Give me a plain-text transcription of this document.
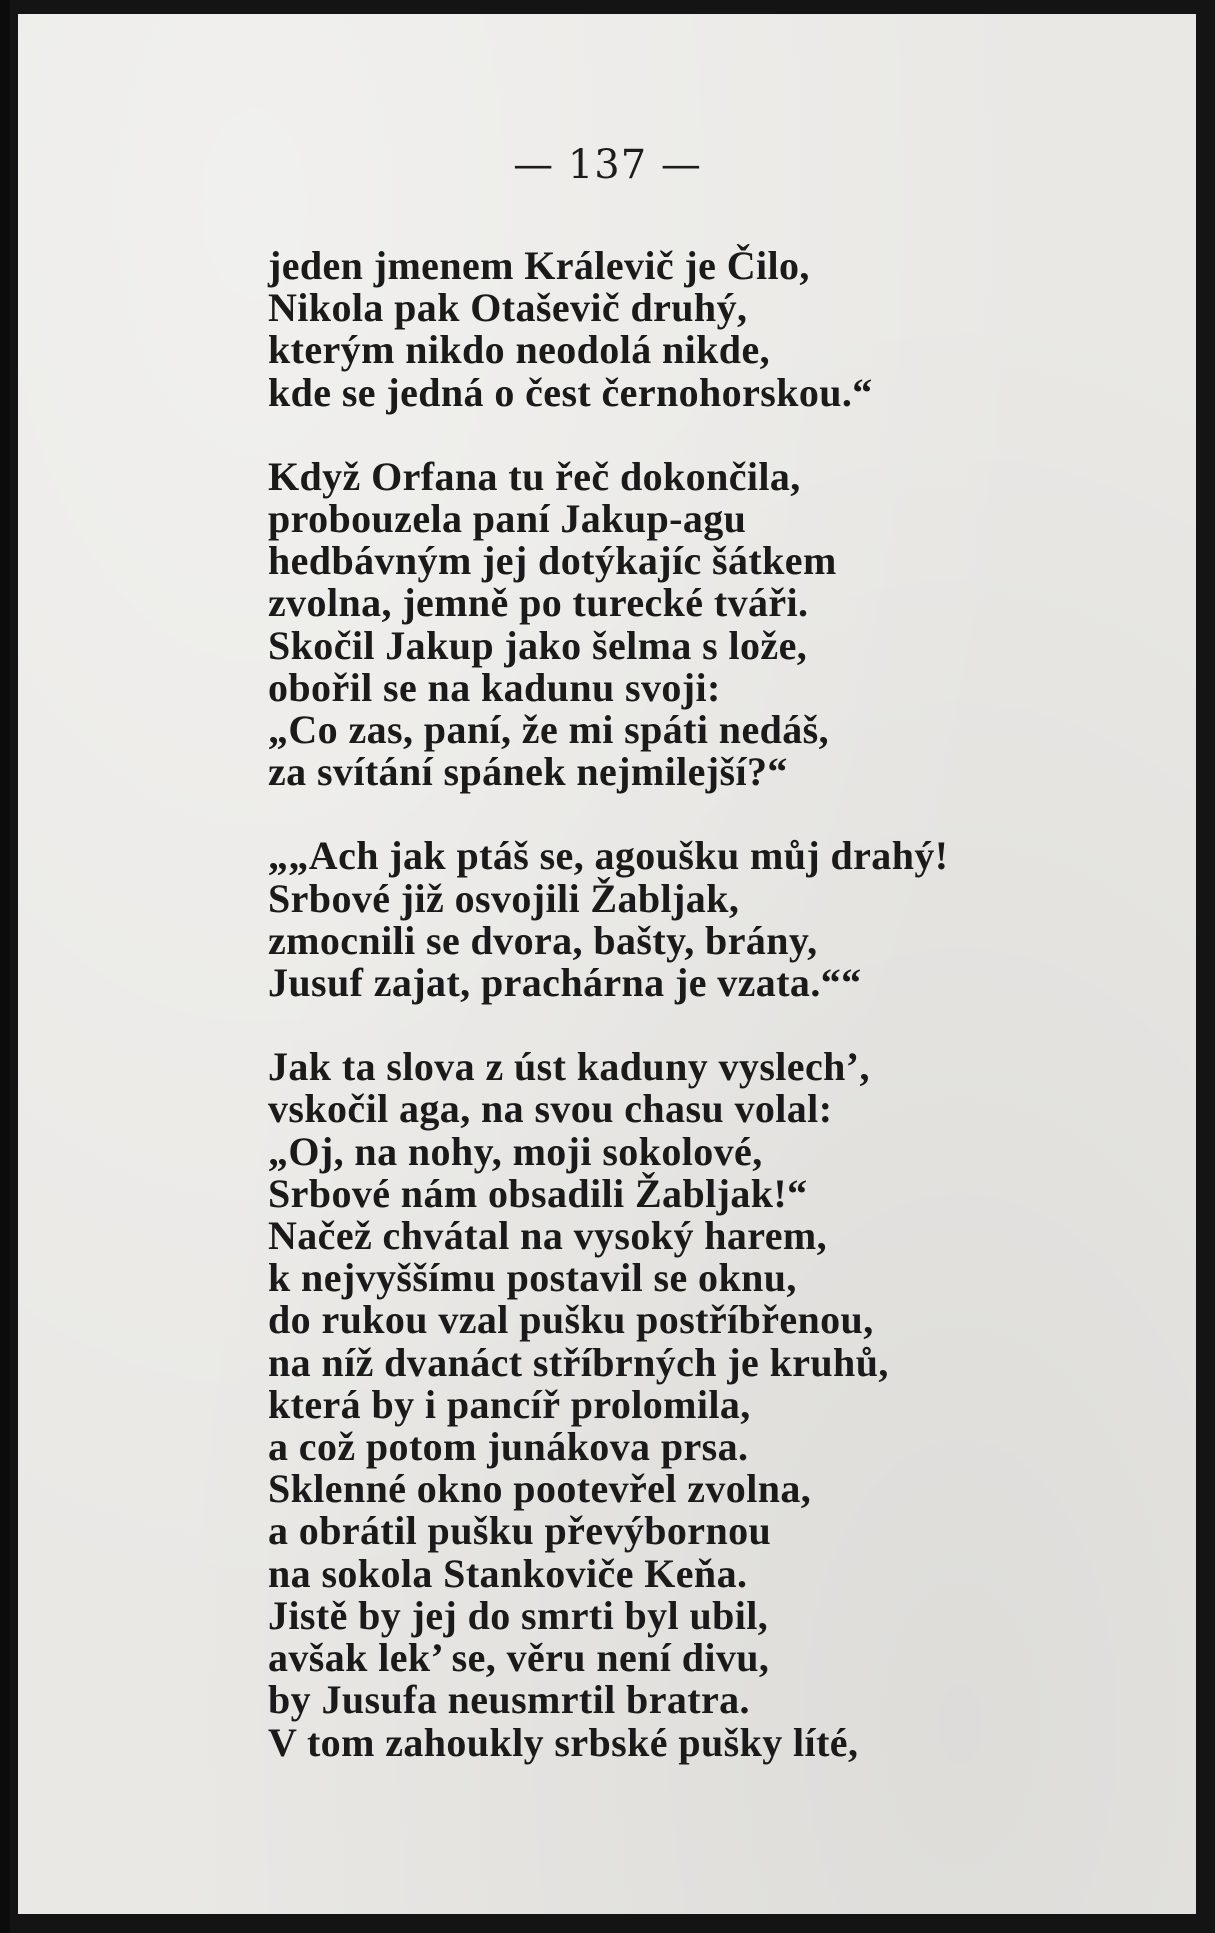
— 137 —
jeden jmenem Králevič je Čilo,
Nikola pak Otaševič druhý,
kterým nikdo neodolá nikde,
kde se jedná o čest černohorskou.“
Když Orfana tu řeč dokončila,
probouzela paní Jakup-agu
hedbávným jej dotýkajíc šátkem
zvolna, jemně po turecké tváři.
Skočil Jakup jako šelma s lože,
obořil se na kadunu svoji:
„Co zas, paní, že mi spáti nedáš,
za svítání spánek nejmilejší?“
„„Ach jak ptáš se, agoušku můj drahý!
Srbové již osvojili Žabljak,
zmocnili se dvora, bašty, brány,
Jusuf zajat, prachárna je vzata.““
Jak ta slova z úst kaduny vyslech’,
vskočil aga, na svou chasu volal:
„Oj, na nohy, moji sokolové,
Srbové nám obsadili Žabljak!“
Načež chvátal na vysoký harem,
k nejvyššímu postavil se oknu,
do rukou vzal pušku postříbřenou,
na níž dvanáct stříbrných je kruhů,
která by i pancíř prolomila,
a což potom junákova prsa.
Sklenné okno pootevřel zvolna,
a obrátil pušku převýbornou
na sokola Stankoviče Keňa.
Jistě by jej do smrti byl ubil,
avšak lek’ se, věru není divu,
by Jusufa neusmrtil bratra.
V tom zahoukly srbské pušky líté,
